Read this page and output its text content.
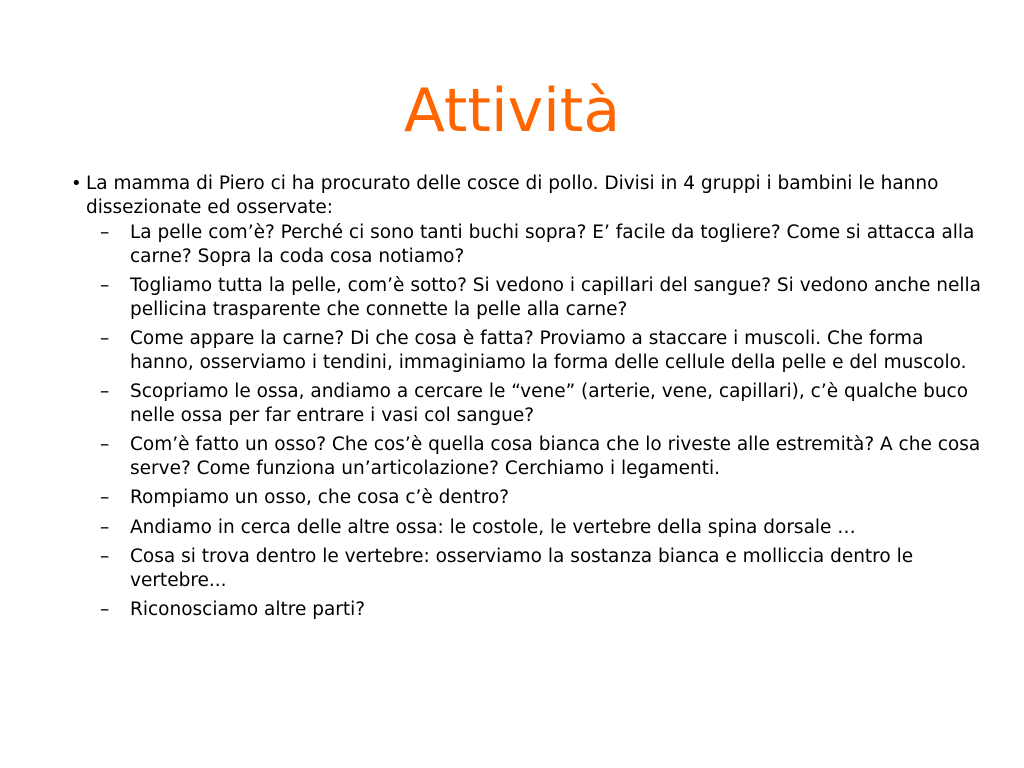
Attività
• La mamma di Piero ci ha procurato delle cosce di pollo. Divisi in 4 gruppi i bambini le hanno dissezionate ed osservate:
– La pelle com’è? Perché ci sono tanti buchi sopra? E’ facile da togliere? Come si attacca alla carne? Sopra la coda cosa notiamo?
– Togliamo tutta la pelle, com’è sotto? Si vedono i capillari del sangue? Si vedono anche nella pellicina trasparente che connette la pelle alla carne?
– Come appare la carne? Di che cosa è fatta? Proviamo a staccare i muscoli. Che forma hanno, osserviamo i tendini, immaginiamo la forma delle cellule della pelle e del muscolo.
– Scopriamo le ossa, andiamo a cercare le “vene” (arterie, vene, capillari), c’è qualche buco nelle ossa per far entrare i vasi col sangue?
– Com’è fatto un osso? Che cos’è quella cosa bianca che lo riveste alle estremità? A che cosa serve? Come funziona un’articolazione? Cerchiamo i legamenti.
– Rompiamo un osso, che cosa c’è dentro?
– Andiamo in cerca delle altre ossa: le costole, le vertebre della spina dorsale …
– Cosa si trova dentro le vertebre: osserviamo la sostanza bianca e molliccia dentro le vertebre...
– Riconosciamo altre parti?
